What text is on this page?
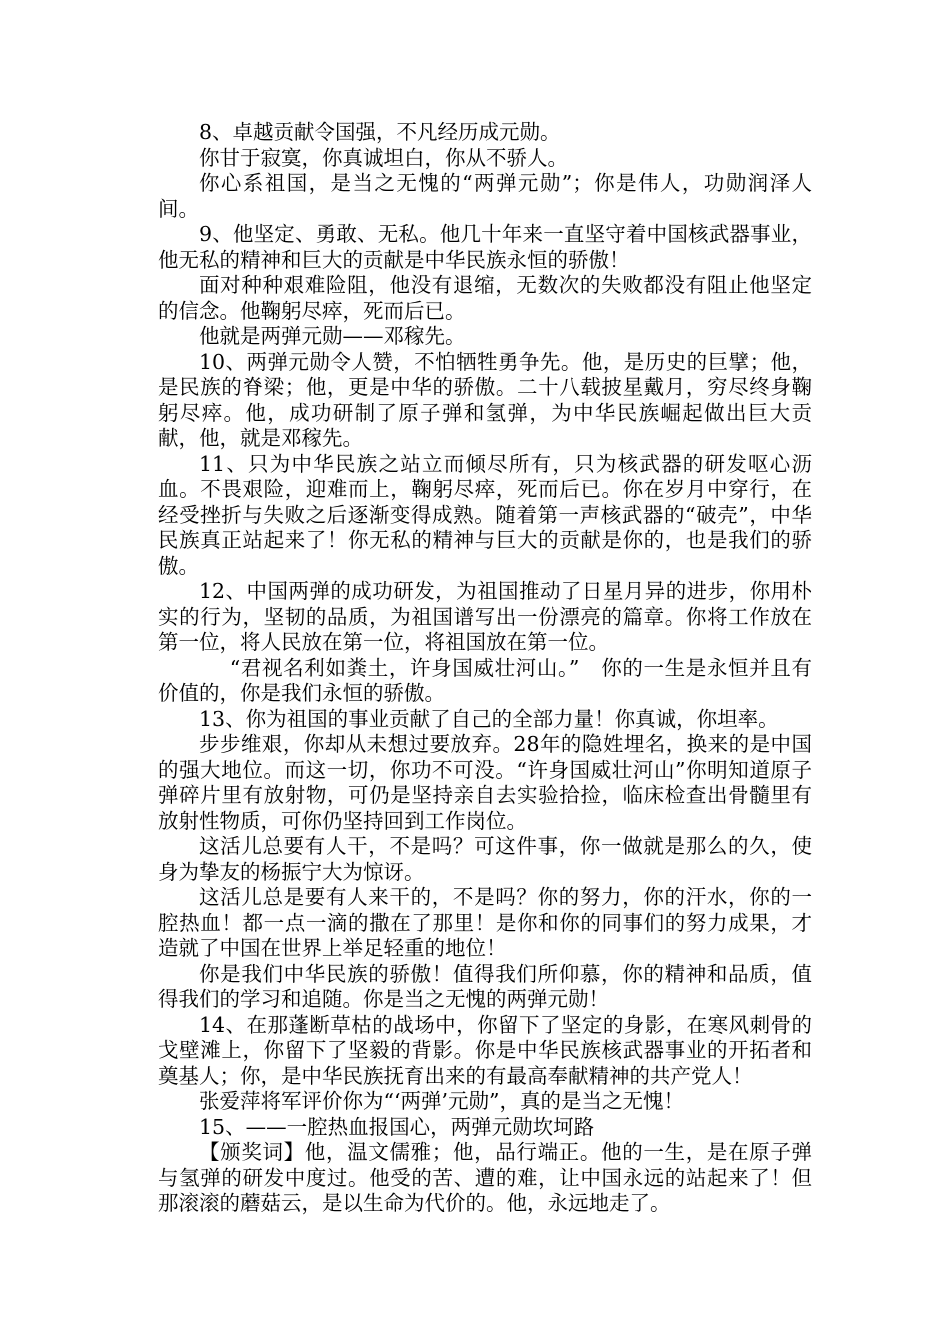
8、卓越贡献令国强，不凡经历成元勋。

你甘于寂寞，你真诚坦白，你从不骄人。

你心系祖国，是当之无愧的“两弹元勋”；你是伟人，功勋润泽人间。

9、他坚定、勇敢、无私。他几十年来一直坚守着中国核武器事业，他无私的精神和巨大的贡献是中华民族永恒的骄傲！

面对种种艰难险阻，他没有退缩，无数次的失败都没有阻止他坚定的信念。他鞠躬尽瘁，死而后已。

他就是两弹元勋——邓稼先。

10、两弹元勋令人赞，不怕牺牲勇争先。他，是历史的巨擘；他，是民族的脊梁；他，更是中华的骄傲。二十八载披星戴月，穷尽终身鞠躬尽瘁。他，成功研制了原子弹和氢弹，为中华民族崛起做出巨大贡献，他，就是邓稼先。

11、只为中华民族之站立而倾尽所有，只为核武器的研发呕心沥血。不畏艰险，迎难而上，鞠躬尽瘁，死而后已。你在岁月中穿行，在经受挫折与失败之后逐渐变得成熟。随着第一声核武器的“破壳”，中华民族真正站起来了！你无私的精神与巨大的贡献是你的，也是我们的骄傲。

12、中国两弹的成功研发，为祖国推动了日星月异的进步，你用朴实的行为，坚韧的品质，为祖国谱写出一份漂亮的篇章。你将工作放在第一位，将人民放在第一位，将祖国放在第一位。

“君视名利如粪土，许身国威壮河山。”　你的一生是永恒并且有价值的，你是我们永恒的骄傲。

13、你为祖国的事业贡献了自己的全部力量！你真诚，你坦率。

步步维艰，你却从未想过要放弃。28年的隐姓埋名，换来的是中国的强大地位。而这一切，你功不可没。“许身国威壮河山”你明知道原子弹碎片里有放射物，可仍是坚持亲自去实验拾捡，临床检查出骨髓里有放射性物质，可你仍坚持回到工作岗位。

这活儿总要有人干，不是吗？可这件事，你一做就是那么的久，使身为挚友的杨振宁大为惊讶。

这活儿总是要有人来干的，不是吗？你的努力，你的汗水，你的一腔热血！都一点一滴的撒在了那里！是你和你的同事们的努力成果，才造就了中国在世界上举足轻重的地位！

你是我们中华民族的骄傲！值得我们所仰慕，你的精神和品质，值得我们的学习和追随。你是当之无愧的两弹元勋！

14、在那蓬断草枯的战场中，你留下了坚定的身影，在寒风刺骨的戈壁滩上，你留下了坚毅的背影。你是中华民族核武器事业的开拓者和奠基人；你，是中华民族抚育出来的有最高奉献精神的共产党人！

张爱萍将军评价你为“‘两弹’元勋”，真的是当之无愧！

15、——一腔热血报国心，两弹元勋坎坷路

【颁奖词】他，温文儒雅；他，品行端正。他的一生，是在原子弹与氢弹的研发中度过。他受的苦、遭的难，让中国永远的站起来了！但那滚滚的蘑菇云，是以生命为代价的。他，永远地走了。
